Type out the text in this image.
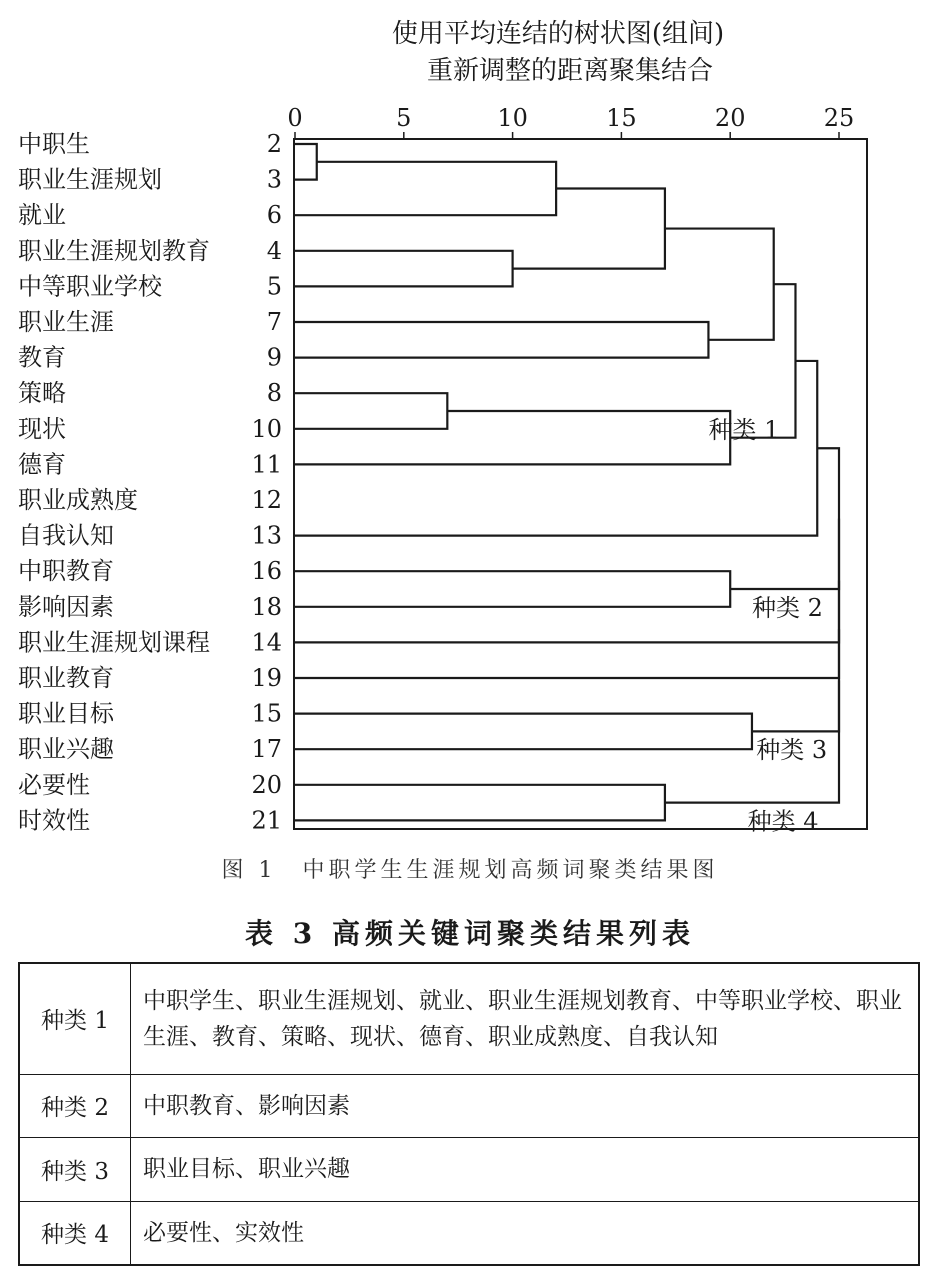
使用平均连结的树状图(组间)
重新调整的距离聚集结合
0	5	10	15	20	25
中职生	2
职业生涯规划	3
就业	6
职业生涯规划教育 4
中等职业学校	5
职业生涯	7
教育	9
策略	8
现状	10
德育	11
职业成熟度	12
自我认知	13
中职教育	16
影响因素	18
职业生涯规划课程 14
职业教育	19
职业目标	15
职业兴趣	17
必要性	20
时效性	21
种类 1
种类 2
种类 3
种类 4
图 1 中职学生生涯规划高频词聚类结果图
表 3 高频关键词聚类结果列表
种类 1	中职学生、职业生涯规划、就业、职业生涯规划教育、中等职业学校、职业生涯、教育、策略、现状、德育、职业成熟度、自我认知
种类 2	中职教育、影响因素
种类 3	职业目标、职业兴趣
种类 4	必要性、实效性
